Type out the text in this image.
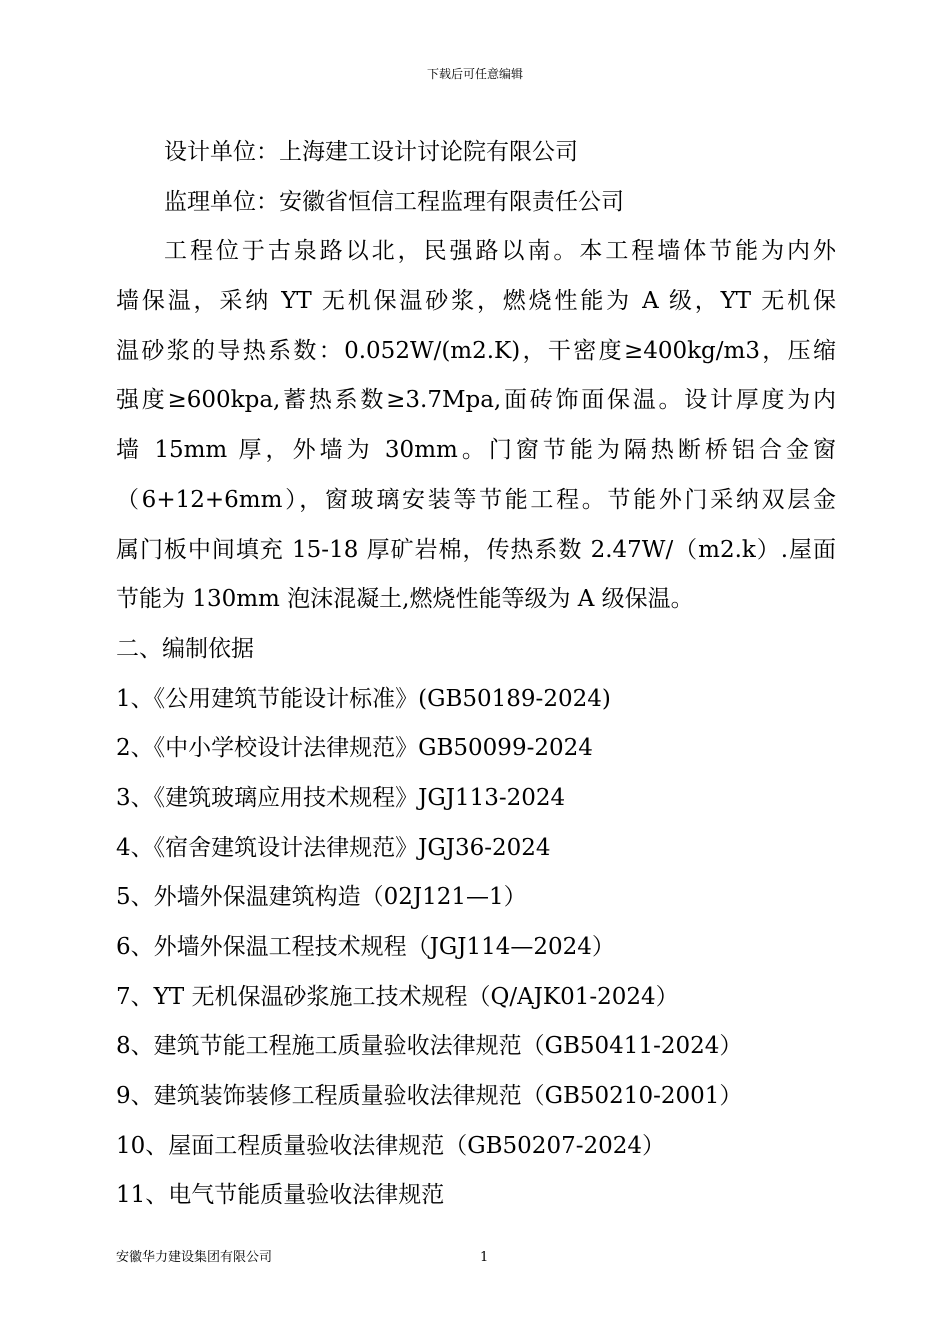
下载后可任意编辑
设计单位：上海建工设计讨论院有限公司
监理单位：安徽省恒信工程监理有限责任公司
工程位于古泉路以北，民强路以南。本工程墙体节能为内外
墙保温，采纳 YT 无机保温砂浆，燃烧性能为 A 级，YT 无机保
温砂浆的导热系数：0.052W/(m2.K)，干密度≥400kg/m3，压缩
强度≥600kpa,蓄热系数≥3.7Mpa,面砖饰面保温。设计厚度为内
墙 15mm 厚，外墙为 30mm。门窗节能为隔热断桥铝合金窗
（6+12+6mm），窗玻璃安装等节能工程。节能外门采纳双层金
属门板中间填充 15-18 厚矿岩棉，传热系数 2.47W/（m2.k）.屋面
节能为 130mm 泡沫混凝土,燃烧性能等级为 A 级保温。
二、编制依据
1、《公用建筑节能设计标准》(GB50189-2024)
2、《中小学校设计法律规范》GB50099-2024
3、《建筑玻璃应用技术规程》JGJ113-2024
4、《宿舍建筑设计法律规范》JGJ36-2024
5、外墙外保温建筑构造（02J121—1）
6、外墙外保温工程技术规程（JGJ114—2024）
7、YT 无机保温砂浆施工技术规程（Q/AJK01-2024）
8、建筑节能工程施工质量验收法律规范（GB50411-2024）
9、建筑装饰装修工程质量验收法律规范（GB50210-2001）
10、屋面工程质量验收法律规范（GB50207-2024）
11、电气节能质量验收法律规范
安徽华力建设集团有限公司	1
